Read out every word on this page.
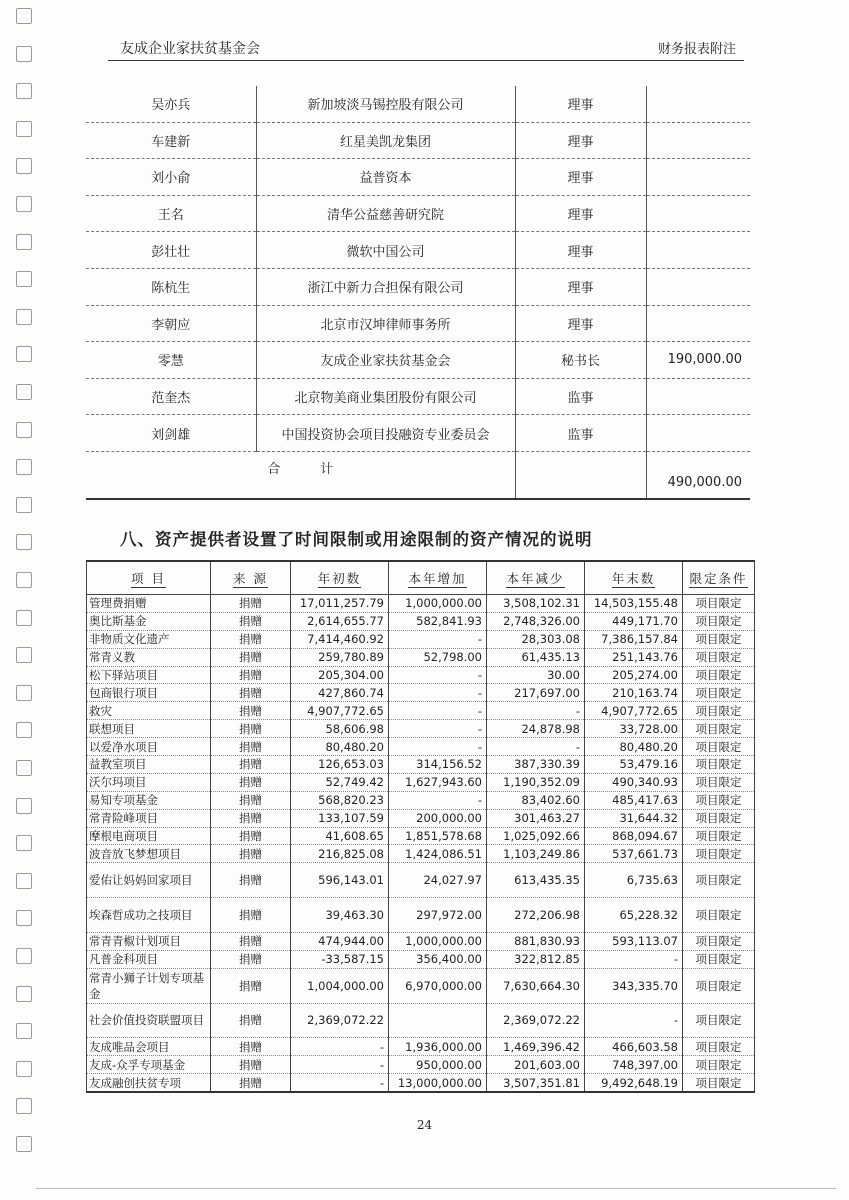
友成企业家扶贫基金会	财务报表附注
吴亦兵	新加坡淡马锡控股有限公司	理事	
车建新	红星美凯龙集团	理事	
刘小俞	益普资本	理事	
王名	清华公益慈善研究院	理事	
彭壮壮	微软中国公司	理事	
陈杭生	浙江中新力合担保有限公司	理事	
李朝应	北京市汉坤律师事务所	理事	
零慧	友成企业家扶贫基金会	秘书长	190,000.00
范奎杰	北京物美商业集团股份有限公司	监事	
刘剑雄	中国投资协会项目投融资专业委员会	监事	
合计			490,000.00
八、资产提供者设置了时间限制或用途限制的资产情况的说明
项 目	来 源	年初数	本年增加	本年减少	年末数	限定条件
管理费捐赠	捐赠	17,011,257.79	1,000,000.00	3,508,102.31	14,503,155.48	项目限定
奥比斯基金	捐赠	2,614,655.77	582,841.93	2,748,326.00	449,171.70	项目限定
非物质文化遗产	捐赠	7,414,460.92	-	28,303.08	7,386,157.84	项目限定
常青义教	捐赠	259,780.89	52,798.00	61,435.13	251,143.76	项目限定
松下驿站项目	捐赠	205,304.00	-	30.00	205,274.00	项目限定
包商银行项目	捐赠	427,860.74	-	217,697.00	210,163.74	项目限定
救灾	捐赠	4,907,772.65	-	-	4,907,772.65	项目限定
联想项目	捐赠	58,606.98	-	24,878.98	33,728.00	项目限定
以爱净水项目	捐赠	80,480.20	-	-	80,480.20	项目限定
益教室项目	捐赠	126,653.03	314,156.52	387,330.39	53,479.16	项目限定
沃尔玛项目	捐赠	52,749.42	1,627,943.60	1,190,352.09	490,340.93	项目限定
易知专项基金	捐赠	568,820.23	-	83,402.60	485,417.63	项目限定
常青险峰项目	捐赠	133,107.59	200,000.00	301,463.27	31,644.32	项目限定
摩根电商项目	捐赠	41,608.65	1,851,578.68	1,025,092.66	868,094.67	项目限定
波音放飞梦想项目	捐赠	216,825.08	1,424,086.51	1,103,249.86	537,661.73	项目限定
爱佑让妈妈回家项目	捐赠	596,143.01	24,027.97	613,435.35	6,735.63	项目限定
埃森哲成功之技项目	捐赠	39,463.30	297,972.00	272,206.98	65,228.32	项目限定
常青青椒计划项目	捐赠	474,944.00	1,000,000.00	881,830.93	593,113.07	项目限定
凡普金科项目	捐赠	-33,587.15	356,400.00	322,812.85	-	项目限定
常青小狮子计划专项基金	捐赠	1,004,000.00	6,970,000.00	7,630,664.30	343,335.70	项目限定
社会价值投资联盟项目	捐赠	2,369,072.22		2,369,072.22	-	项目限定
友成唯品会项目	捐赠	-	1,936,000.00	1,469,396.42	466,603.58	项目限定
友成-众孚专项基金	捐赠	-	950,000.00	201,603.00	748,397.00	项目限定
友成融创扶贫专项	捐赠	-	13,000,000.00	3,507,351.81	9,492,648.19	项目限定
24
